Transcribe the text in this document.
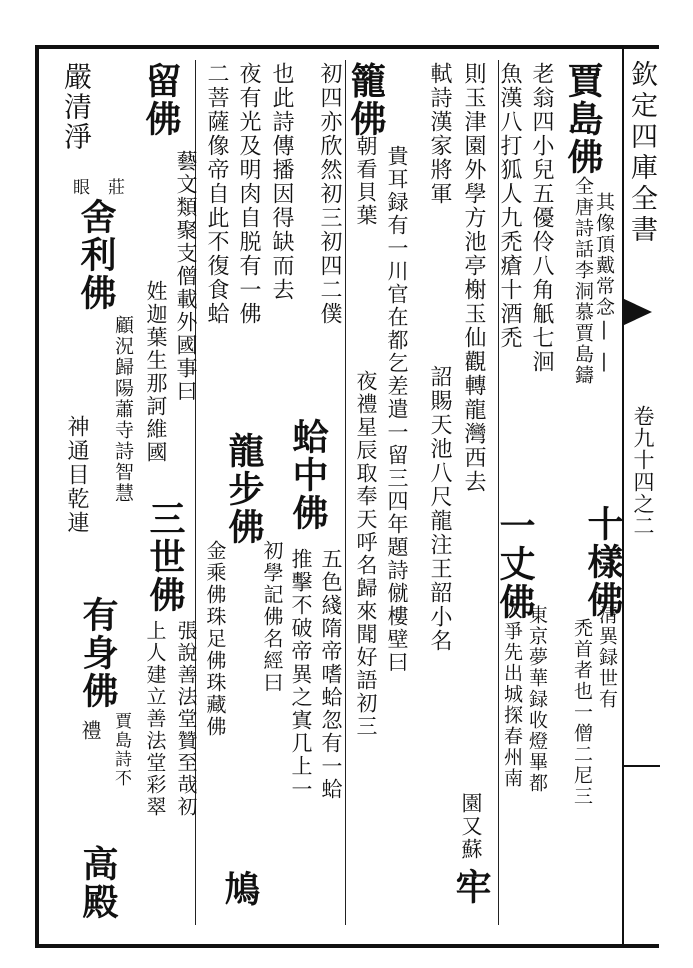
欽定四庫全書
卷九十四之二
賈島佛全唐詩話李洞慕賈島鑄 其像頂戴常念||
十樣佛
清異録世有
禿首者也一僧二尼三
老翁四小兒五優伶八角觗七洄
魚漢八打狐人九禿瘡十酒禿
一丈佛
東京夢華録收燈畢都
人爭先出城探春州南
則玉津園外學方池亭榭玉仙觀轉龍灣西去
園又蘇
軾詩漢家將軍
詔賜天池八尺龍注王韶小名
牢
籠佛
貴耳録有一川官在都乞差遣一留三四年題詩僦樓壁曰
朝看貝葉
夜禮星辰取奉天呼名歸來聞好語初三
初四亦欣然初三初四二僕
蛤中佛
五色綫隋帝嗜蛤忽有一蛤
推擊不破帝異之寘几上一
也此詩傳播因得缺而去
夜有光及明肉自脱有一佛
龍步佛
初學記佛名經曰
鳩
金乘佛珠足佛珠藏佛
二菩薩像帝自此不復食蛤
留佛
藝文類聚支僧載外國事曰
三世佛
張說善法堂贊至哉初
姓迦葉生那訶維國
上人建立善法堂彩翠
嚴清淨
莊
眼
舍利佛
顧況歸陽蕭寺詩智慧
有身佛
賈島詩不
神通目乾連
禮
高殿
